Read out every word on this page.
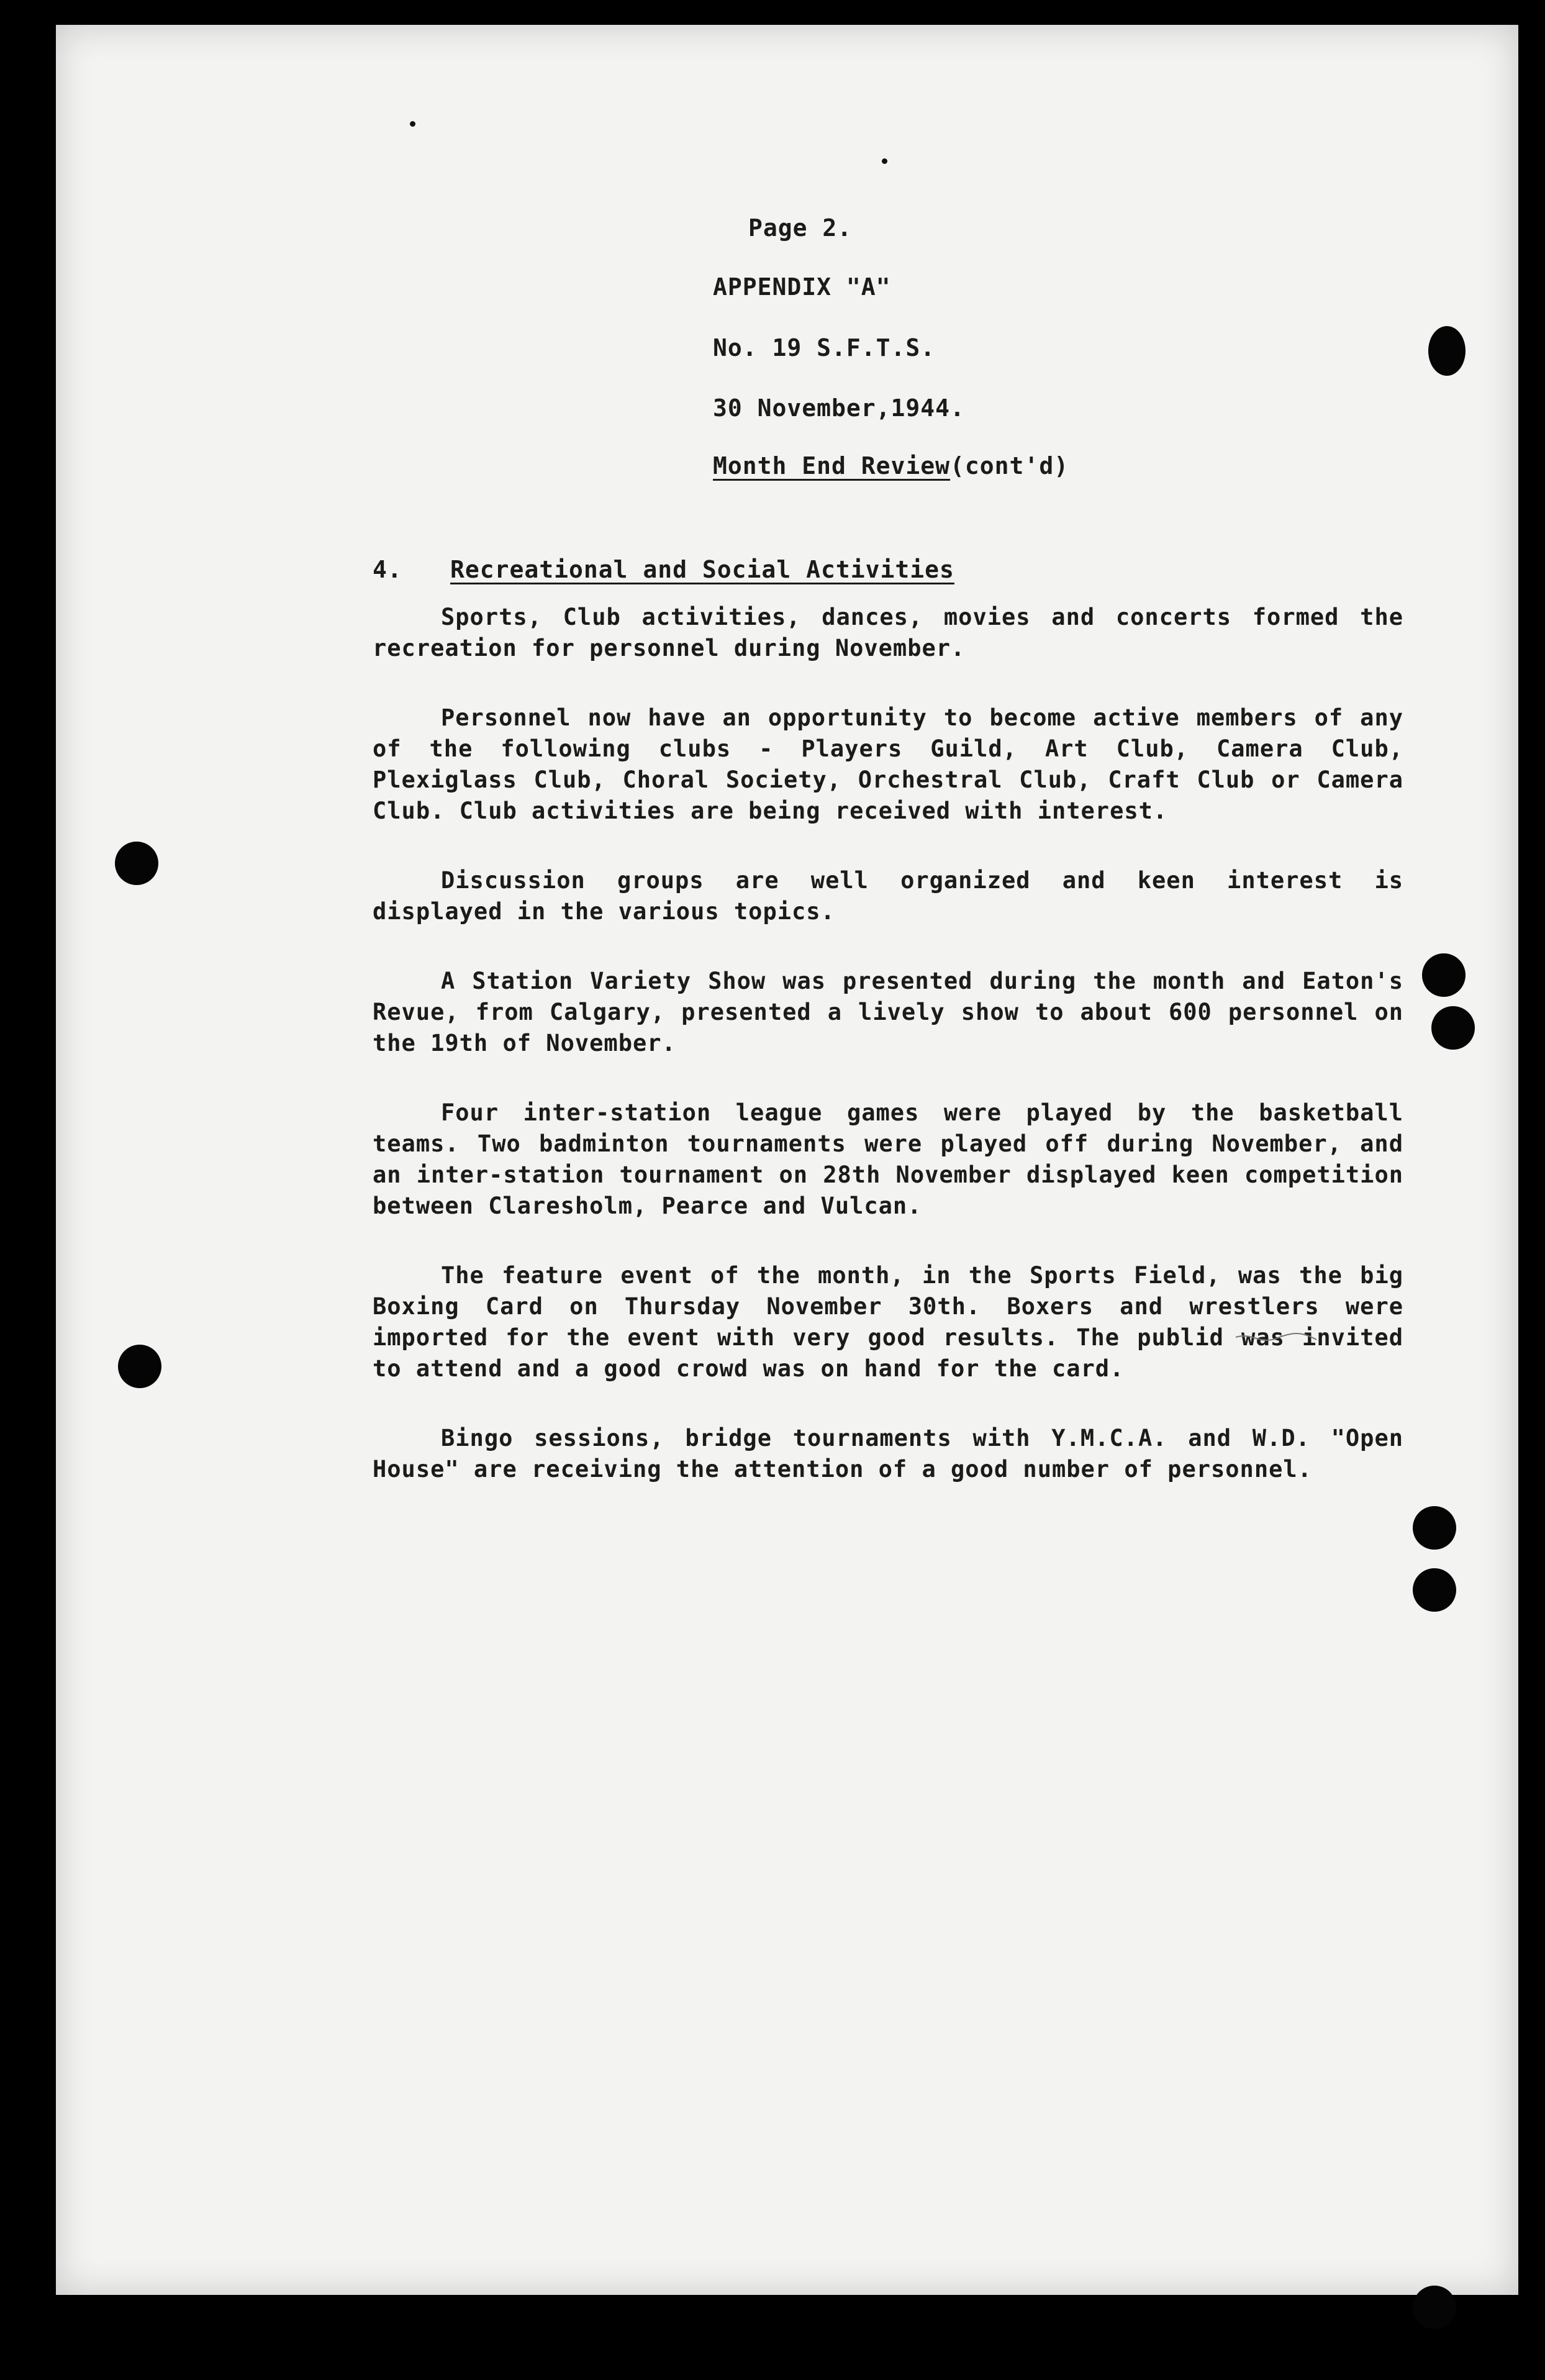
Page 2.
APPENDIX "A"
No. 19 S.F.T.S.
30 November,1944.
Month End Review(cont'd)
4. Recreational and Social Activities

Sports, Club activities, dances, movies and concerts formed the recreation for personnel during November.

Personnel now have an opportunity to become active members of any of the following clubs - Players Guild, Art Club, Camera Club, Plexiglass Club, Choral Society, Orchestral Club, Craft Club or Camera Club. Club activities are being received with interest.

Discussion groups are well organized and keen interest is displayed in the various topics.

A Station Variety Show was presented during the month and Eaton's Revue, from Calgary, presented a lively show to about 600 personnel on the 19th of November.

Four inter-station league games were played by the basketball teams. Two badminton tournaments were played off during November, and an inter-station tournament on 28th November displayed keen competition between Claresholm, Pearce and Vulcan.

The feature event of the month, in the Sports Field, was the big Boxing Card on Thursday November 30th. Boxers and wrestlers were imported for the event with very good results. The publid was invited to attend and a good crowd was on hand for the card.

Bingo sessions, bridge tournaments with Y.M.C.A. and W.D. "Open House" are receiving the attention of a good number of personnel.
